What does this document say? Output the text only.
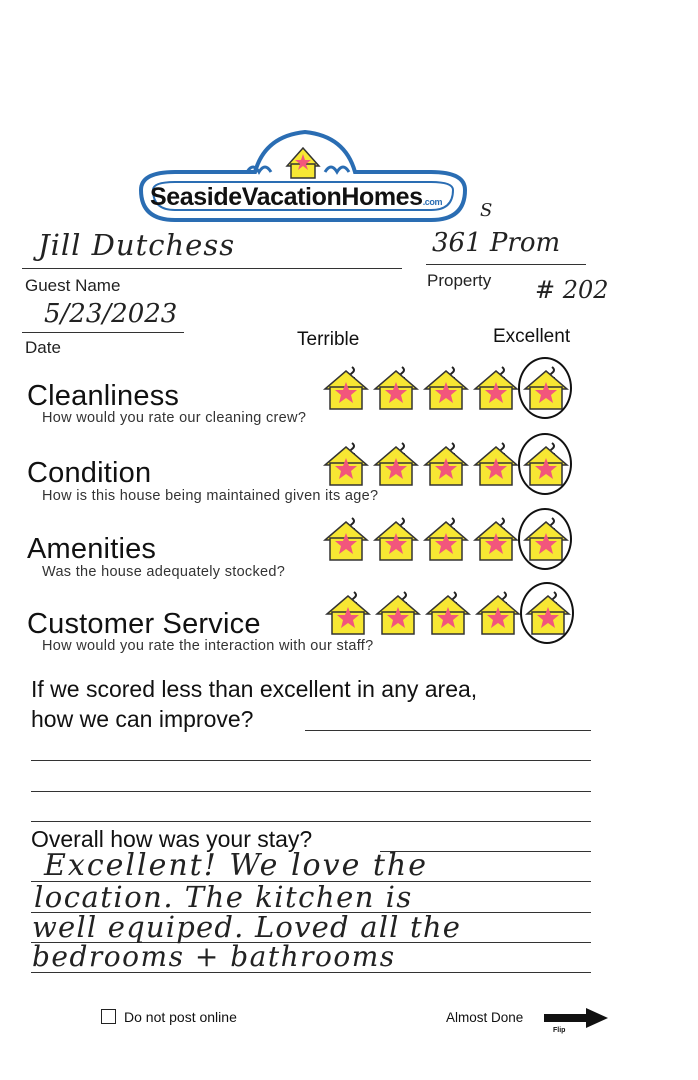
SeasideVacationHomes.com
Jill Dutchess
Guest Name
S
361 Prom
Property # 202
5/23/2023
Date	Terrible	Excellent
Cleanliness
How would you rate our cleaning crew?
Condition
How is this house being maintained given its age?
Amenities
Was the house adequately stocked?
Customer Service
How would you rate the interaction with our staff?
If we scored less than excellent in any area,
how we can improve?
Overall how was your stay?
Excellent! We love the
location. The kitchen is
well equiped. Loved all the
bedrooms + bathrooms
Do not post online	Almost Done
Flip
